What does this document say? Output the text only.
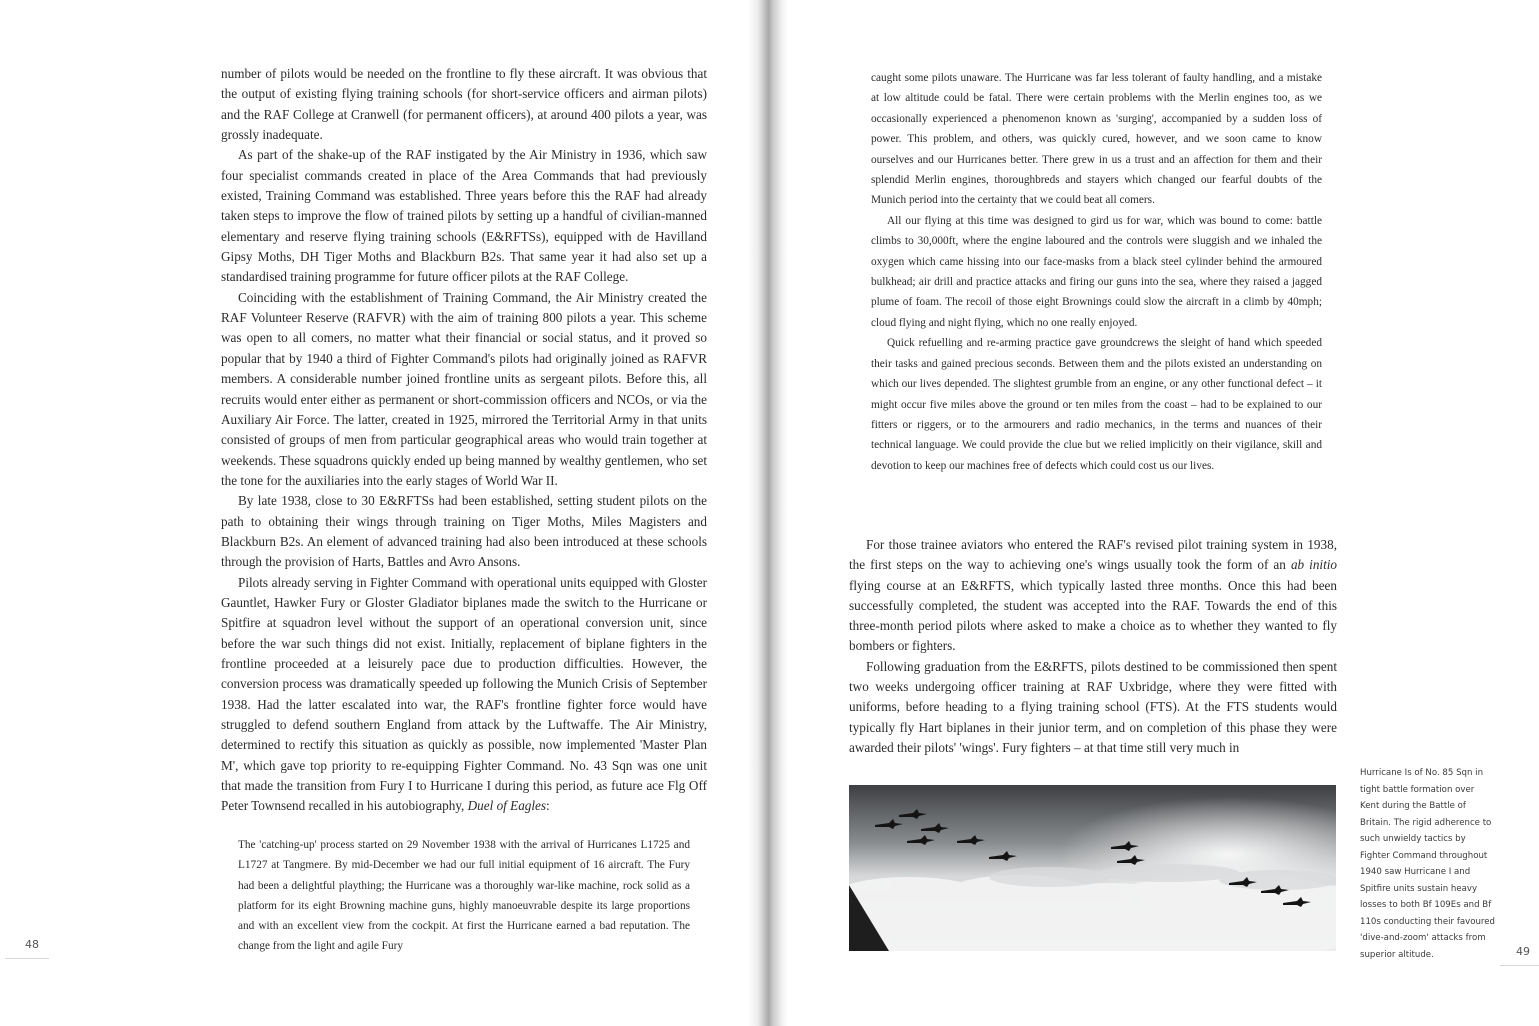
number of pilots would be needed on the frontline to fly these aircraft. It was obvious that the output of existing flying training schools (for short-service officers and airman pilots) and the RAF College at Cranwell (for permanent officers), at around 400 pilots a year, was grossly inadequate.

As part of the shake-up of the RAF instigated by the Air Ministry in 1936, which saw four specialist commands created in place of the Area Commands that had previously existed, Training Command was established. Three years before this the RAF had already taken steps to improve the flow of trained pilots by setting up a handful of civilian-manned elementary and reserve flying training schools (E&RFTSs), equipped with de Havilland Gipsy Moths, DH Tiger Moths and Blackburn B2s. That same year it had also set up a standardised training programme for future officer pilots at the RAF College.

Coinciding with the establishment of Training Command, the Air Ministry created the RAF Volunteer Reserve (RAFVR) with the aim of training 800 pilots a year. This scheme was open to all comers, no matter what their financial or social status, and it proved so popular that by 1940 a third of Fighter Command's pilots had originally joined as RAFVR members. A considerable number joined frontline units as sergeant pilots. Before this, all recruits would enter either as permanent or short-commission officers and NCOs, or via the Auxiliary Air Force. The latter, created in 1925, mirrored the Territorial Army in that units consisted of groups of men from particular geographical areas who would train together at weekends. These squadrons quickly ended up being manned by wealthy gentlemen, who set the tone for the auxiliaries into the early stages of World War II.

By late 1938, close to 30 E&RFTSs had been established, setting student pilots on the path to obtaining their wings through training on Tiger Moths, Miles Magisters and Blackburn B2s. An element of advanced training had also been introduced at these schools through the provision of Harts, Battles and Avro Ansons.

Pilots already serving in Fighter Command with operational units equipped with Gloster Gauntlet, Hawker Fury or Gloster Gladiator biplanes made the switch to the Hurricane or Spitfire at squadron level without the support of an operational conversion unit, since before the war such things did not exist. Initially, replacement of biplane fighters in the frontline proceeded at a leisurely pace due to production difficulties. However, the conversion process was dramatically speeded up following the Munich Crisis of September 1938. Had the latter escalated into war, the RAF's frontline fighter force would have struggled to defend southern England from attack by the Luftwaffe. The Air Ministry, determined to rectify this situation as quickly as possible, now implemented 'Master Plan M', which gave top priority to re-equipping Fighter Command. No. 43 Sqn was one unit that made the transition from Fury I to Hurricane I during this period, as future ace Flg Off Peter Townsend recalled in his autobiography, Duel of Eagles:

The 'catching-up' process started on 29 November 1938 with the arrival of Hurricanes L1725 and L1727 at Tangmere. By mid-December we had our full initial equipment of 16 aircraft. The Fury had been a delightful plaything; the Hurricane was a thoroughly war-like machine, rock solid as a platform for its eight Browning machine guns, highly manoeuvrable despite its large proportions and with an excellent view from the cockpit. At first the Hurricane earned a bad reputation. The change from the light and agile Fury

48

caught some pilots unaware. The Hurricane was far less tolerant of faulty handling, and a mistake at low altitude could be fatal. There were certain problems with the Merlin engines too, as we occasionally experienced a phenomenon known as 'surging', accompanied by a sudden loss of power. This problem, and others, was quickly cured, however, and we soon came to know ourselves and our Hurricanes better. There grew in us a trust and an affection for them and their splendid Merlin engines, thoroughbreds and stayers which changed our fearful doubts of the Munich period into the certainty that we could beat all comers.

All our flying at this time was designed to gird us for war, which was bound to come: battle climbs to 30,000ft, where the engine laboured and the controls were sluggish and we inhaled the oxygen which came hissing into our face-masks from a black steel cylinder behind the armoured bulkhead; air drill and practice attacks and firing our guns into the sea, where they raised a jagged plume of foam. The recoil of those eight Brownings could slow the aircraft in a climb by 40mph; cloud flying and night flying, which no one really enjoyed.

Quick refuelling and re-arming practice gave groundcrews the sleight of hand which speeded their tasks and gained precious seconds. Between them and the pilots existed an understanding on which our lives depended. The slightest grumble from an engine, or any other functional defect – it might occur five miles above the ground or ten miles from the coast – had to be explained to our fitters or riggers, or to the armourers and radio mechanics, in the terms and nuances of their technical language. We could provide the clue but we relied implicitly on their vigilance, skill and devotion to keep our machines free of defects which could cost us our lives.

For those trainee aviators who entered the RAF's revised pilot training system in 1938, the first steps on the way to achieving one's wings usually took the form of an ab initio flying course at an E&RFTS, which typically lasted three months. Once this had been successfully completed, the student was accepted into the RAF. Towards the end of this three-month period pilots where asked to make a choice as to whether they wanted to fly bombers or fighters.

Following graduation from the E&RFTS, pilots destined to be commissioned then spent two weeks undergoing officer training at RAF Uxbridge, where they were fitted with uniforms, before heading to a flying training school (FTS). At the FTS students would typically fly Hart biplanes in their junior term, and on completion of this phase they were awarded their pilots' 'wings'. Fury fighters – at that time still very much in

Hurricane Is of No. 85 Sqn in tight battle formation over Kent during the Battle of Britain. The rigid adherence to such unwieldy tactics by Fighter Command throughout 1940 saw Hurricane I and Spitfire units sustain heavy losses to both Bf 109Es and Bf 110s conducting their favoured 'dive-and-zoom' attacks from superior altitude.	49
